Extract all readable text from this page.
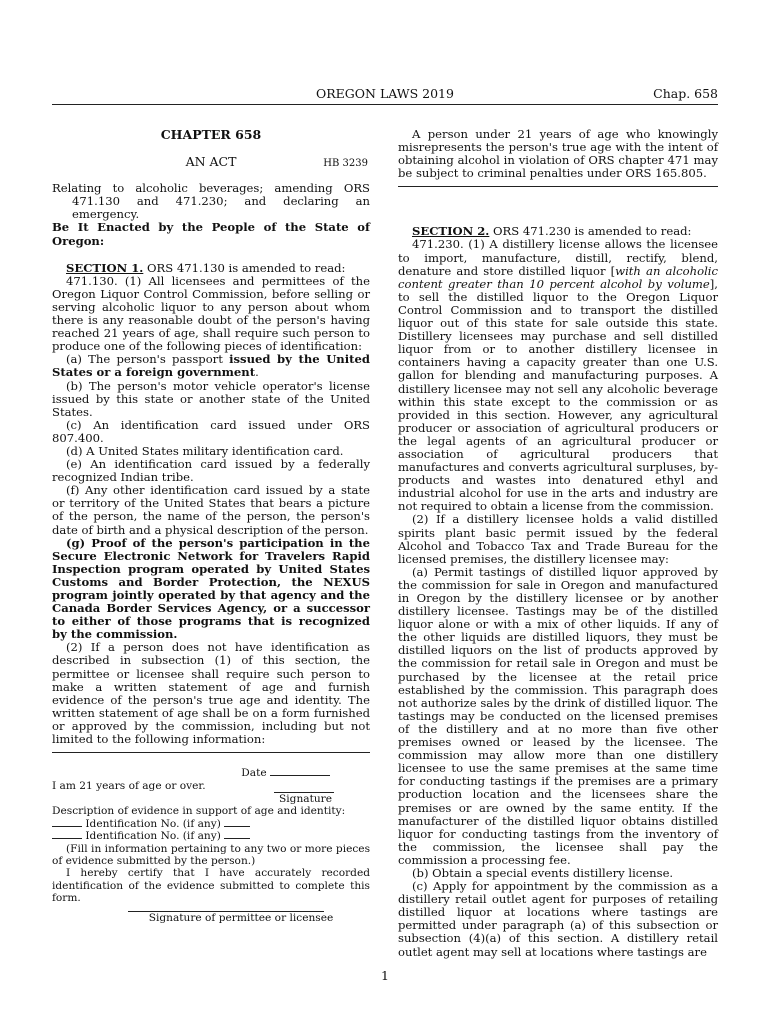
OREGON LAWS 2019	Chap. 658

CHAPTER 658

AN ACT	HB 3239

Relating to alcoholic beverages; amending ORS 471.130 and 471.230; and declaring an emergency.

Be It Enacted by the People of the State of Oregon:

SECTION 1. ORS 471.130 is amended to read:

471.130. (1) All licensees and permittees of the Oregon Liquor Control Commission, before selling or serving alcoholic liquor to any person about whom there is any reasonable doubt of the person's having reached 21 years of age, shall require such person to produce one of the following pieces of identification:

(a) The person's passport issued by the United States or a foreign government.

(b) The person's motor vehicle operator's license issued by this state or another state of the United States.

(c) An identification card issued under ORS 807.400.

(d) A United States military identification card.

(e) An identification card issued by a federally recognized Indian tribe.

(f) Any other identification card issued by a state or territory of the United States that bears a picture of the person, the name of the person, the person's date of birth and a physical description of the person.

(g) Proof of the person's participation in the Secure Electronic Network for Travelers Rapid Inspection program operated by United States Customs and Border Protection, the NEXUS program jointly operated by that agency and the Canada Border Services Agency, or a successor to either of those programs that is recognized by the commission.

(2) If a person does not have identification as described in subsection (1) of this section, the permittee or licensee shall require such person to make a written statement of age and furnish evidence of the person's true age and identity. The written statement of age shall be on a form furnished or approved by the commission, including but not limited to the following information:

Date

I am 21 years of age or over.

Signature

Description of evidence in support of age and identity:

Identification No. (if any)

Identification No. (if any)

(Fill in information pertaining to any two or more pieces of evidence submitted by the person.)

I hereby certify that I have accurately recorded identification of the evidence submitted to complete this form.

Signature of permittee or licensee

A person under 21 years of age who knowingly misrepresents the person's true age with the intent of obtaining alcohol in violation of ORS chapter 471 may be subject to criminal penalties under ORS 165.805.

SECTION 2. ORS 471.230 is amended to read:

471.230. (1) A distillery license allows the licensee to import, manufacture, distill, rectify, blend, denature and store distilled liquor [with an alcoholic content greater than 10 percent alcohol by volume], to sell the distilled liquor to the Oregon Liquor Control Commission and to transport the distilled liquor out of this state for sale outside this state. Distillery licensees may purchase and sell distilled liquor from or to another distillery licensee in containers having a capacity greater than one U.S. gallon for blending and manufacturing purposes. A distillery licensee may not sell any alcoholic beverage within this state except to the commission or as provided in this section. However, any agricultural producer or association of agricultural producers or the legal agents of an agricultural producer or association of agricultural producers that manufactures and converts agricultural surpluses, by-products and wastes into denatured ethyl and industrial alcohol for use in the arts and industry are not required to obtain a license from the commission.

(2) If a distillery licensee holds a valid distilled spirits plant basic permit issued by the federal Alcohol and Tobacco Tax and Trade Bureau for the licensed premises, the distillery licensee may:

(a) Permit tastings of distilled liquor approved by the commission for sale in Oregon and manufactured in Oregon by the distillery licensee or by another distillery licensee. Tastings may be of the distilled liquor alone or with a mix of other liquids. If any of the other liquids are distilled liquors, they must be distilled liquors on the list of products approved by the commission for retail sale in Oregon and must be purchased by the licensee at the retail price established by the commission. This paragraph does not authorize sales by the drink of distilled liquor. The tastings may be conducted on the licensed premises of the distillery and at no more than five other premises owned or leased by the licensee. The commission may allow more than one distillery licensee to use the same premises at the same time for conducting tastings if the premises are a primary production location and the licensees share the premises or are owned by the same entity. If the manufacturer of the distilled liquor obtains distilled liquor for conducting tastings from the inventory of the commission, the licensee shall pay the commission a processing fee.

(b) Obtain a special events distillery license.

(c) Apply for appointment by the commission as a distillery retail outlet agent for purposes of retailing distilled liquor at locations where tastings are permitted under paragraph (a) of this subsection or subsection (4)(a) of this section. A distillery retail outlet agent may sell at locations where tastings are

1
